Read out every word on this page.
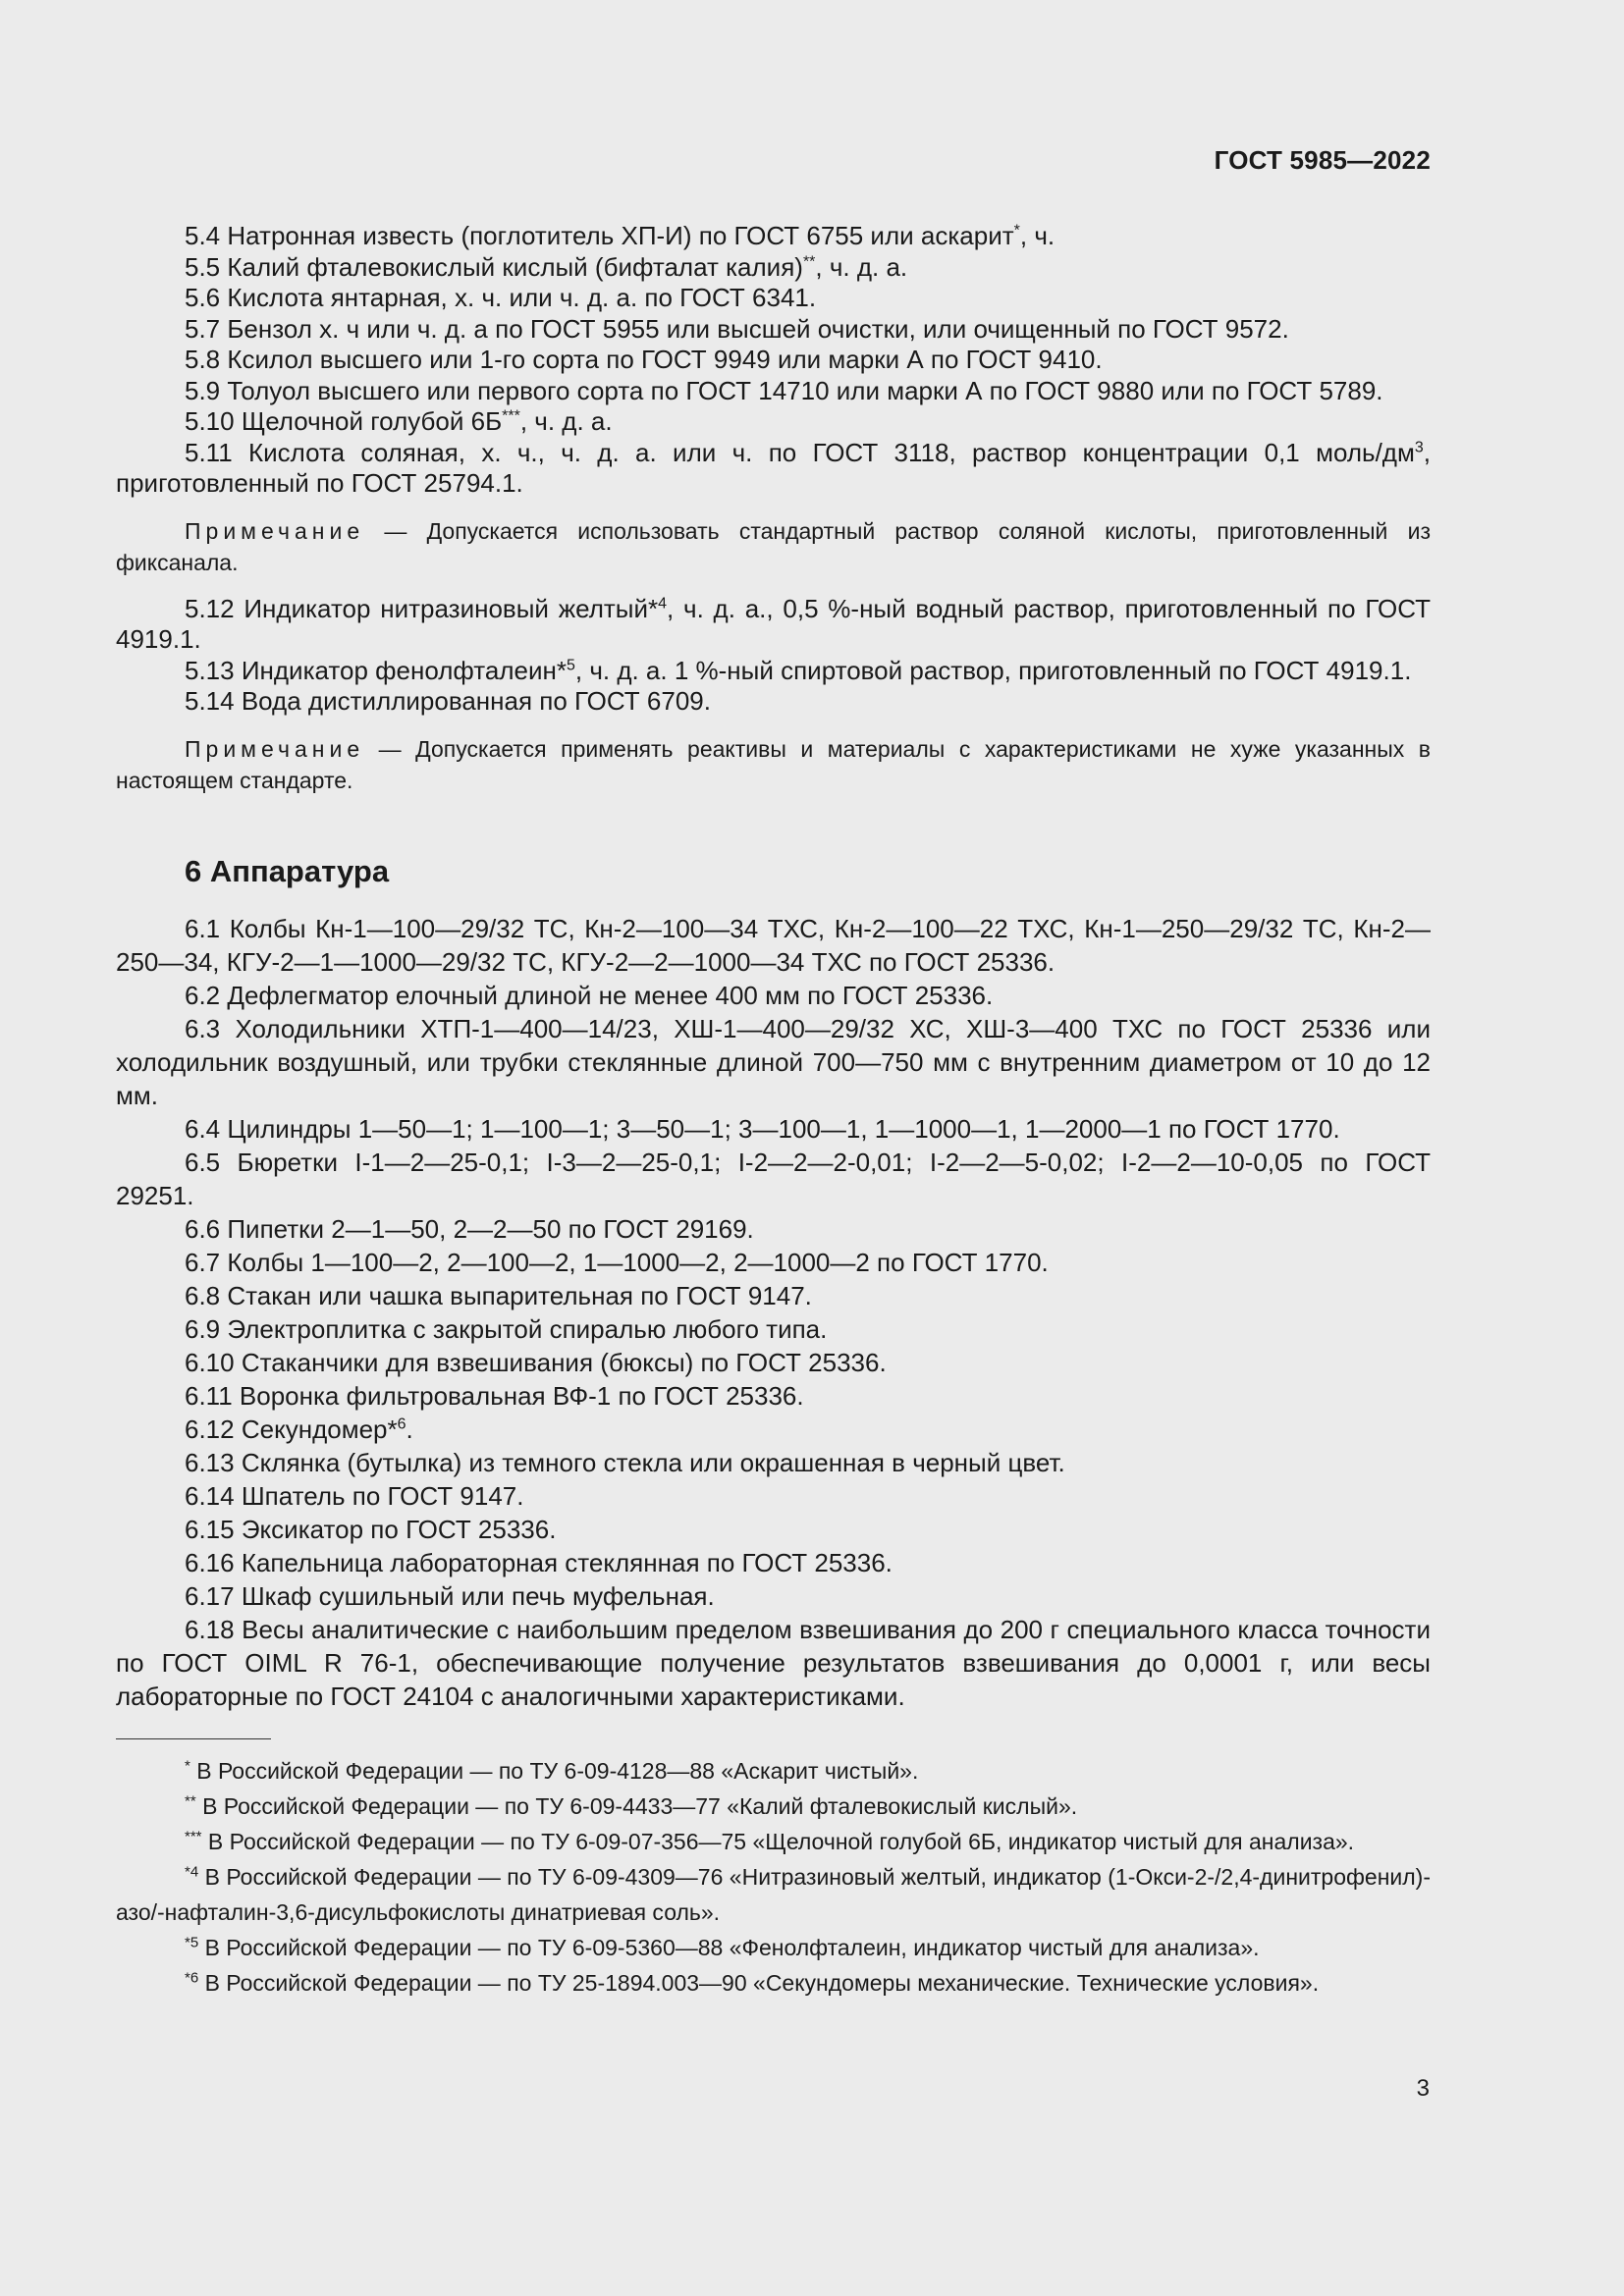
ГОСТ 5985—2022

5.4 Натронная известь (поглотитель ХП-И) по ГОСТ 6755 или аскарит*, ч.

5.5 Калий фталевокислый кислый (бифталат калия)**, ч. д. а.

5.6 Кислота янтарная, х. ч. или ч. д. а. по ГОСТ 6341.

5.7 Бензол х. ч или ч. д. а по ГОСТ 5955 или высшей очистки, или очищенный по ГОСТ 9572.

5.8 Ксилол высшего или 1-го сорта по ГОСТ 9949 или марки А по ГОСТ 9410.

5.9 Толуол высшего или первого сорта по ГОСТ 14710 или марки А по ГОСТ 9880 или по ГОСТ 5789.

5.10 Щелочной голубой 6Б***, ч. д. а.

5.11 Кислота соляная, х. ч., ч. д. а. или ч. по ГОСТ 3118, раствор концентрации 0,1 моль/$дм^3$, приготовленный по ГОСТ 25794.1.

Примечание — Допускается использовать стандартный раствор соляной кислоты, приготовленный из фиксанала.

5.12 Индикатор нитразиновый желтый*$^4$, ч. д. а., 0,5 %-ный водный раствор, приготовленный по ГОСТ 4919.1.

5.13 Индикатор фенолфталеин*$^5$, ч. д. а. 1 %-ный спиртовой раствор, приготовленный по ГОСТ 4919.1.

5.14 Вода дистиллированная по ГОСТ 6709.

Примечание — Допускается применять реактивы и материалы с характеристиками не хуже указанных в настоящем стандарте.

6 Аппаратура

6.1 Колбы Кн-1—100—29/32 ТС, Кн-2—100—34 ТХС, Кн-2—100—22 ТХС, Кн-1—250—29/32 ТС, Кн-2—250—34, КГУ-2—1—1000—29/32 ТС, КГУ-2—2—1000—34 ТХС по ГОСТ 25336.

6.2 Дефлегматор елочный длиной не менее 400 мм по ГОСТ 25336.

6.3 Холодильники ХТП-1—400—14/23, ХШ-1—400—29/32 ХС, ХШ-3—400 ТХС по ГОСТ 25336 или холодильник воздушный, или трубки стеклянные длиной 700—750 мм с внутренним диаметром от 10 до 12 мм.

6.4 Цилиндры 1—50—1; 1—100—1; 3—50—1; 3—100—1, 1—1000—1, 1—2000—1 по ГОСТ 1770.

6.5 Бюретки I-1—2—25-0,1; I-3—2—25-0,1; I-2—2—2-0,01; I-2—2—5-0,02; I-2—2—10-0,05 по ГОСТ 29251.

6.6 Пипетки 2—1—50, 2—2—50 по ГОСТ 29169.

6.7 Колбы 1—100—2, 2—100—2, 1—1000—2, 2—1000—2 по ГОСТ 1770.

6.8 Стакан или чашка выпарительная по ГОСТ 9147.

6.9 Электроплитка с закрытой спиралью любого типа.

6.10 Стаканчики для взвешивания (бюксы) по ГОСТ 25336.

6.11 Воронка фильтровальная ВФ-1 по ГОСТ 25336.

6.12 Секундомер*$^6$.

6.13 Склянка (бутылка) из темного стекла или окрашенная в черный цвет.

6.14 Шпатель по ГОСТ 9147.

6.15 Эксикатор по ГОСТ 25336.

6.16 Капельница лабораторная стеклянная по ГОСТ 25336.

6.17 Шкаф сушильный или печь муфельная.

6.18 Весы аналитические с наибольшим пределом взвешивания до 200 г специального класса точности по ГОСТ OIML R 76-1, обеспечивающие получение результатов взвешивания до 0,0001 г, или весы лабораторные по ГОСТ 24104 с аналогичными характеристиками.

* В Российской Федерации — по ТУ 6-09-4128—88 «Аскарит чистый».

** В Российской Федерации — по ТУ 6-09-4433—77 «Калий фталевокислый кислый».

*** В Российской Федерации — по ТУ 6-09-07-356—75 «Щелочной голубой 6Б, индикатор чистый для анализа».

$^{*4}$ В Российской Федерации — по ТУ 6-09-4309—76 «Нитразиновый желтый, индикатор (1-Окси-2-/2,4-динитрофенил)-азо/-нафталин-3,6-дисульфокислоты динатриевая соль».

$^{*5}$ В Российской Федерации — по ТУ 6-09-5360—88 «Фенолфталеин, индикатор чистый для анализа».

$^{*6}$ В Российской Федерации — по ТУ 25-1894.003—90 «Секундомеры механические. Технические условия».

3
